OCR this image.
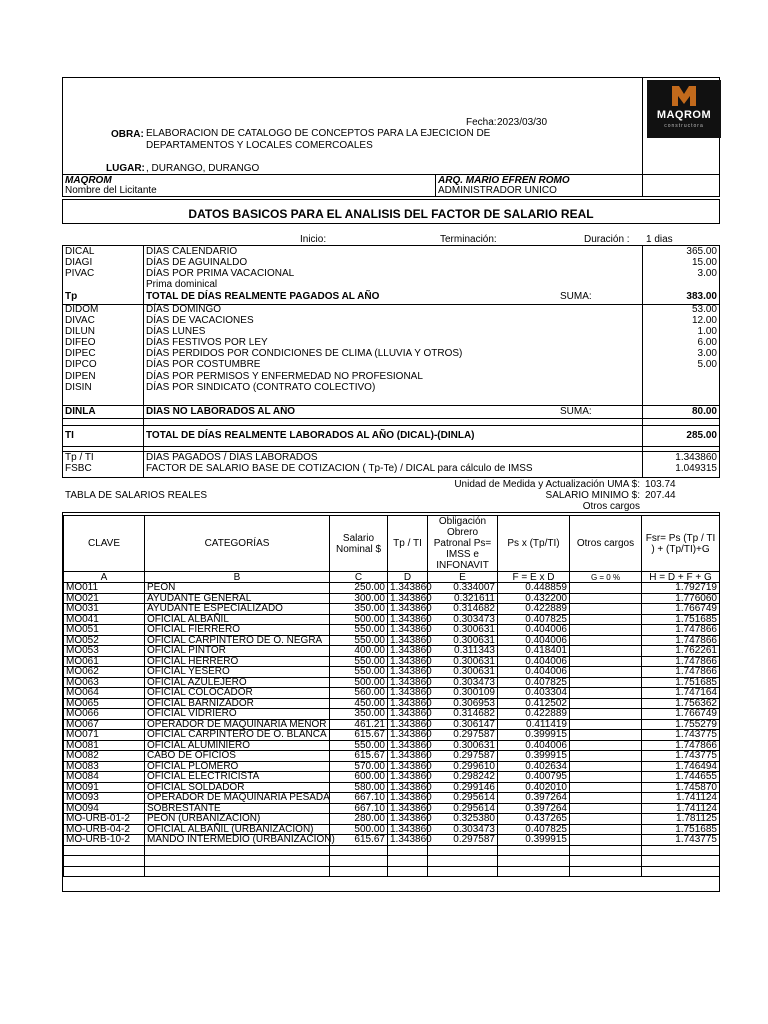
MAQROM
constructora
Fecha: 2023/03/30
OBRA: ELABORACION DE CATALOGO DE CONCEPTOS PARA LA EJECICION DE
DEPARTAMENTOS Y LOCALES COMERCOALES
LUGAR: , DURANGO, DURANGO
MAQROM
Nombre del Licitante
ARQ. MARIO EFREN ROMO
ADMINISTRADOR UNICO
DATOS BASICOS PARA EL ANALISIS DEL FACTOR DE SALARIO REAL
Inicio:	Terminación:	Duración : 1 dias
DICAL	DÍAS CALENDARIO	365.00
DIAGI	DÍAS DE AGUINALDO	15.00
PIVAC	DÍAS POR PRIMA VACACIONAL	3.00
Prima dominical
Tp	TOTAL DE DÍAS REALMENTE PAGADOS AL AÑO	SUMA:	383.00
DIDOM	DÍAS DOMINGO	53.00
DIVAC	DÍAS DE VACACIONES	12.00
DILUN	DÍAS LUNES	1.00
DIFEO	DÍAS FESTIVOS POR LEY	6.00
DIPEC	DÍAS PERDIDOS POR CONDICIONES DE CLIMA (LLUVIA Y OTROS)	3.00
DIPCO	DÍAS POR COSTUMBRE	5.00
DIPEN	DÍAS POR PERMISOS Y ENFERMEDAD NO PROFESIONAL
DISIN	DÍAS POR SINDICATO (CONTRATO COLECTIVO)
DINLA	DÍAS NO LABORADOS AL AÑO	SUMA:	80.00
TI	TOTAL DE DÍAS REALMENTE LABORADOS AL AÑO (DICAL)-(DINLA)	285.00
Tp / TI	DÍAS PAGADOS / DÍAS LABORADOS	1.343860
FSBC	FACTOR DE SALARIO BASE DE COTIZACION ( Tp-Te) / DICAL para cálculo de IMSS	1.049315
Unidad de Medida y Actualización UMA $: 103.74
TABLA DE SALARIOS REALES	SALARIO MINIMO $: 207.44
Otros cargos
CLAVE	CATEGORÍAS	Salario Nominal $	Tp / TI	Obligación Obrero Patronal Ps= IMSS e INFONAVIT	Ps x (Tp/TI)	Otros cargos	Fsr= Ps (Tp / TI ) + (Tp/TI)+G
A	B	C	D	E	F = E x D	G = 0 %	H = D + F + G
MO011	PEON	250.00	1.343860	0.334007	0.448859		1.792719
MO021	AYUDANTE GENERAL	300.00	1.343860	0.321611	0.432200		1.776060
MO031	AYUDANTE ESPECIALIZADO	350.00	1.343860	0.314682	0.422889		1.766749
MO041	OFICIAL ALBAÑIL	500.00	1.343860	0.303473	0.407825		1.751685
MO051	OFICIAL FIERRERO	550.00	1.343860	0.300631	0.404006		1.747866
MO052	OFICIAL CARPINTERO DE O. NEGRA	550.00	1.343860	0.300631	0.404006		1.747866
MO053	OFICIAL PINTOR	400.00	1.343860	0.311343	0.418401		1.762261
MO061	OFICIAL HERRERO	550.00	1.343860	0.300631	0.404006		1.747866
MO062	OFICIAL YESERO	550.00	1.343860	0.300631	0.404006		1.747866
MO063	OFICIAL AZULEJERO	500.00	1.343860	0.303473	0.407825		1.751685
MO064	OFICIAL COLOCADOR	560.00	1.343860	0.300109	0.403304		1.747164
MO065	OFICIAL BARNIZADOR	450.00	1.343860	0.306953	0.412502		1.756362
MO066	OFICIAL VIDRIERO	350.00	1.343860	0.314682	0.422889		1.766749
MO067	OPERADOR DE MAQUINARIA MENOR	461.21	1.343860	0.306147	0.411419		1.755279
MO071	OFICIAL CARPINTERO DE O. BLANCA	615.67	1.343860	0.297587	0.399915		1.743775
MO081	OFICIAL ALUMINIERO	550.00	1.343860	0.300631	0.404006		1.747866
MO082	CABO DE OFICIOS	615.67	1.343860	0.297587	0.399915		1.743775
MO083	OFICIAL PLOMERO	570.00	1.343860	0.299610	0.402634		1.746494
MO084	OFICIAL ELECTRICISTA	600.00	1.343860	0.298242	0.400795		1.744655
MO091	OFICIAL SOLDADOR	580.00	1.343860	0.299146	0.402010		1.745870
MO093	OPERADOR DE MAQUINARIA PESADA	667.10	1.343860	0.295614	0.397264		1.741124
MO094	SOBRESTANTE	667.10	1.343860	0.295614	0.397264		1.741124
MO-URB-01-2	PEON (URBANIZACION)	280.00	1.343860	0.325380	0.437265		1.781125
MO-URB-04-2	OFICIAL ALBAÑIL (URBANIZACION)	500.00	1.343860	0.303473	0.407825		1.751685
MO-URB-10-2	MANDO INTERMEDIO (URBANIZACION)	615.67	1.343860	0.297587	0.399915		1.743775
